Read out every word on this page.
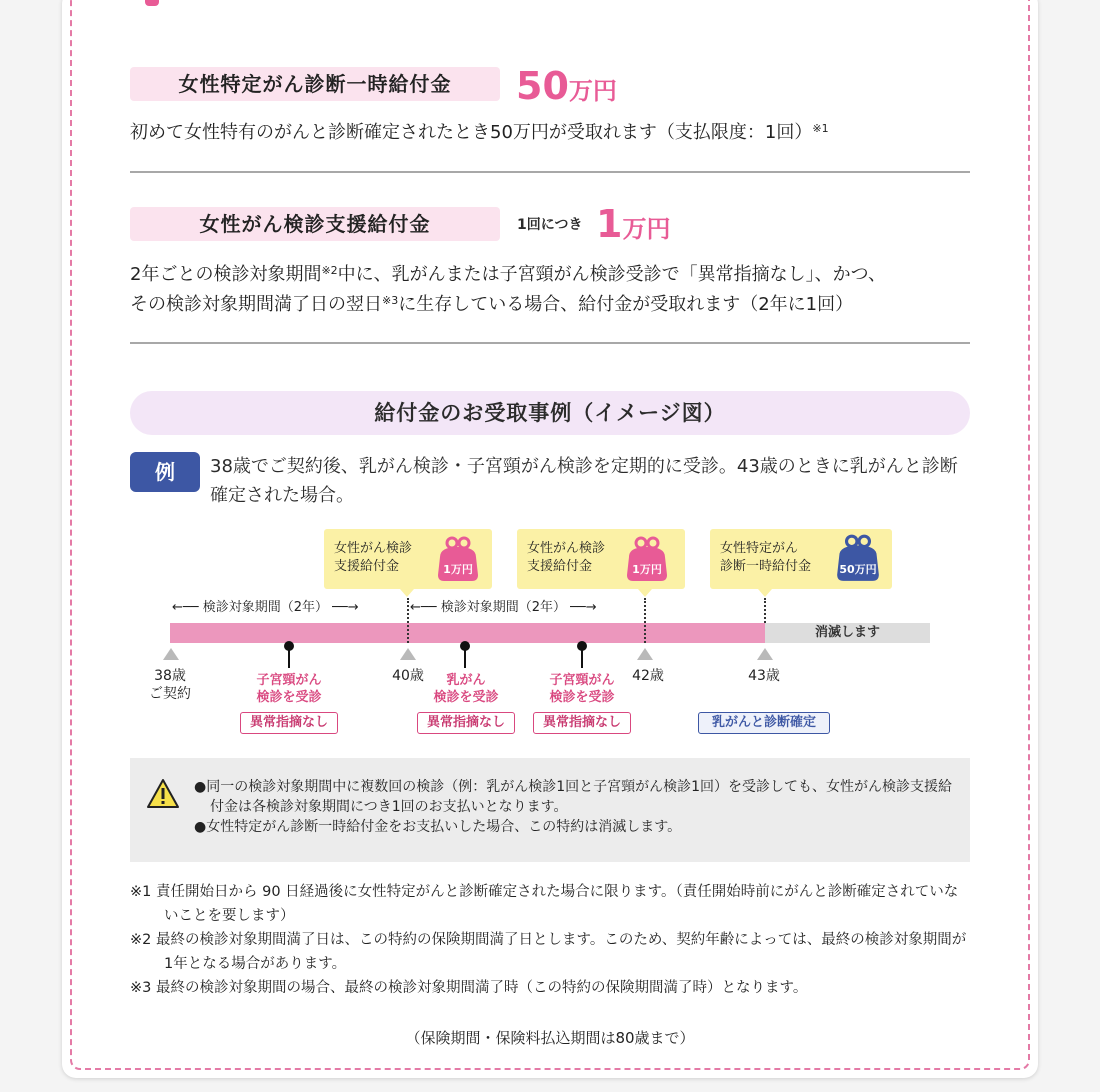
女性特定がん診断一時給付金	50万円
初めて女性特有のがんと診断確定されたとき50万円が受取れます（支払限度：1回）$^{※1}$
女性がん検診支援給付金	1回につき 1万円
2年ごとの検診対象期間$^{※2}$中に、乳がんまたは子宮頸がん検診受診で「異常指摘なし」、かつ、
その検診対象期間満了日の翌日$^{※3}$に生存している場合、給付金が受取れます（2年に1回）
給付金のお受取事例（イメージ図）
例	38歳でご契約後、乳がん検診・子宮頸がん検診を定期的に受診。43歳のときに乳がんと診断確定された場合。
女性がん検診
支援給付金	1万円
女性がん検診
支援給付金	1万円
女性特定がん
診断一時給付金	50万円
←── 検診対象期間（2年） ──→	←── 検診対象期間（2年） ──→
消滅します
38歳
ご契約
40歳	42歳	43歳
子宮頸がん
検診を受診
異常指摘なし
乳がん
検診を受診
異常指摘なし
子宮頸がん
検診を受診
異常指摘なし	乳がんと診断確定

●同一の検診対象期間中に複数回の検診（例：乳がん検診1回と子宮頸がん検診1回）を受診しても、女性がん検診支援給付金は各検診対象期間につき1回のお支払いとなります。

●女性特定がん診断一時給付金をお支払いした場合、この特約は消滅します。

※1 責任開始日から 90 日経過後に女性特定がんと診断確定された場合に限ります。（責任開始時前にがんと診断確定されていないことを要します）

※2 最終の検診対象期間満了日は、この特約の保険期間満了日とします。このため、契約年齢によっては、最終の検診対象期間が1年となる場合があります。

※3 最終の検診対象期間の場合、最終の検診対象期間満了時（この特約の保険期間満了時）となります。

（保険期間・保険料払込期間は80歳まで）
